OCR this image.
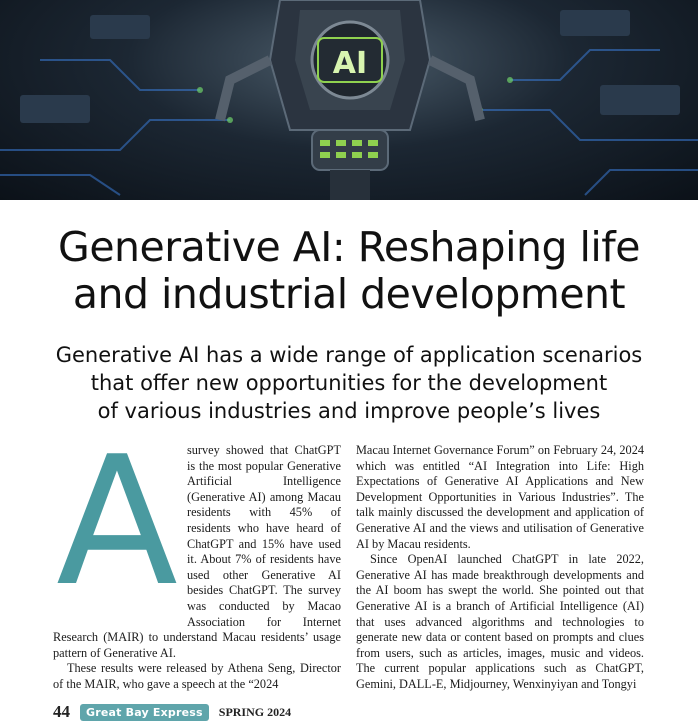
AI
Generative AI: Reshaping life
and industrial development
Generative AI has a wide range of application scenarios
that offer new opportunities for the development
of various industries and improve people’s lives
A survey showed that ChatGPT is the most popular Generative Artificial Intelligence (Generative AI) among Macau residents with 45% of residents who have heard of ChatGPT and 15% have used it. About 7% of residents have used other Generative AI besides ChatGPT. The survey was conducted by Macao Association for Internet Research (MAIR) to understand Macau residents’ usage pattern of Generative AI.

These results were released by Athena Seng, Director of the MAIR, who gave a speech at the “2024

Macau Internet Governance Forum” on February 24, 2024 which was entitled “AI Integration into Life: High Expectations of Generative AI Applications and New Development Opportunities in Various Industries”. The talk mainly discussed the development and application of Generative AI and the views and utilisation of Generative AI by Macau residents.

Since OpenAI launched ChatGPT in late 2022, Generative AI has made breakthrough developments and the AI boom has swept the world. She pointed out that Generative AI is a branch of Artificial Intelligence (AI) that uses advanced algorithms and technologies to generate new data or content based on prompts and clues from users, such as articles, images, music and videos. The current popular applications such as ChatGPT, Gemini, DALL-E, Midjourney, Wenxinyiyan and Tongyi

44	Great Bay Express	SPRING 2024
